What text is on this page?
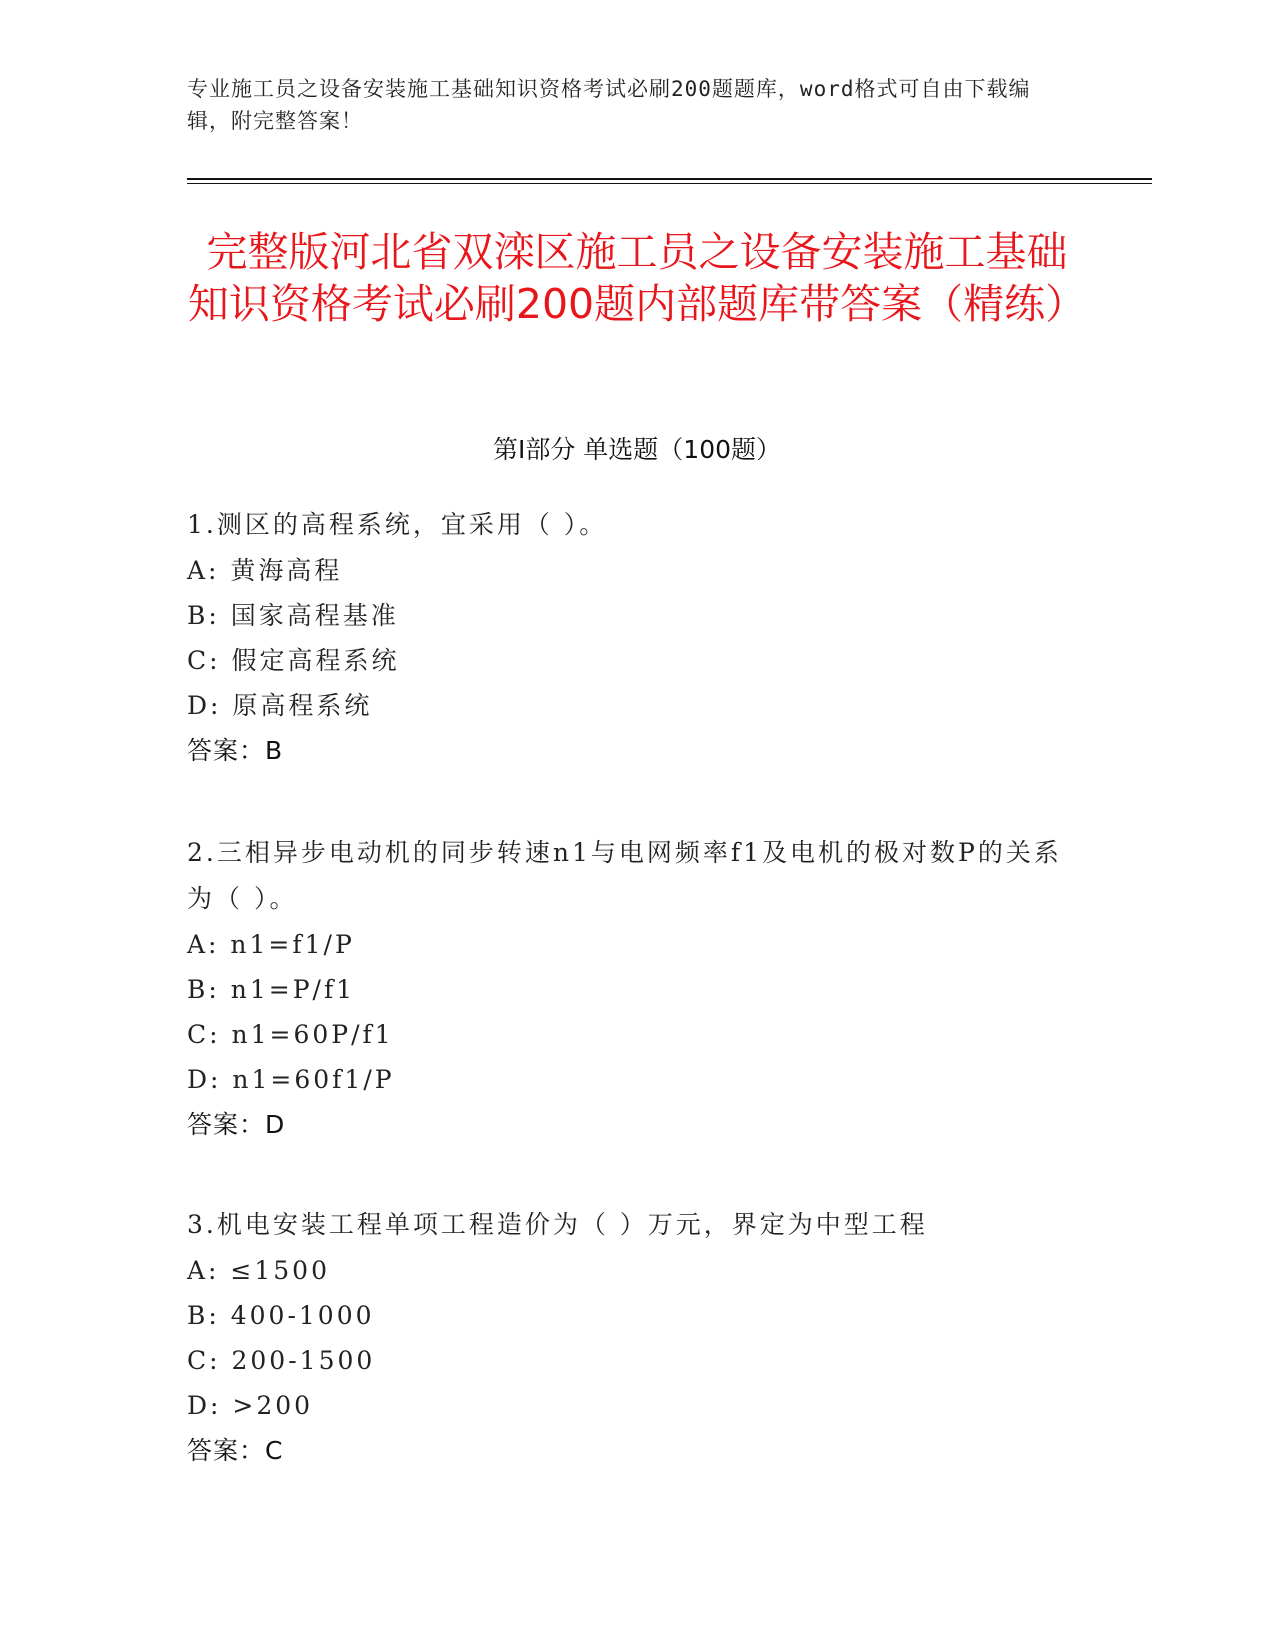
专业施工员之设备安装施工基础知识资格考试必刷200题题库，word格式可自由下载编辑，附完整答案！
完整版河北省双滦区施工员之设备安装施工基础知识资格考试必刷200题内部题库带答案（精练）
第Ⅰ部分 单选题（100题）
1.测区的高程系统，宜采用（ ）。
A: 黄海高程
B: 国家高程基准
C: 假定高程系统
D: 原高程系统
答案：B
2.三相异步电动机的同步转速n1与电网频率f1及电机的极对数P的关系为（ ）。
A: n1=f1/P
B: n1=P/f1
C: n1=60P/f1
D: n1=60f1/P
答案：D
3.机电安装工程单项工程造价为（ ）万元，界定为中型工程
A: ≤1500
B: 400-1000
C: 200-1500
D: >200
答案：C
